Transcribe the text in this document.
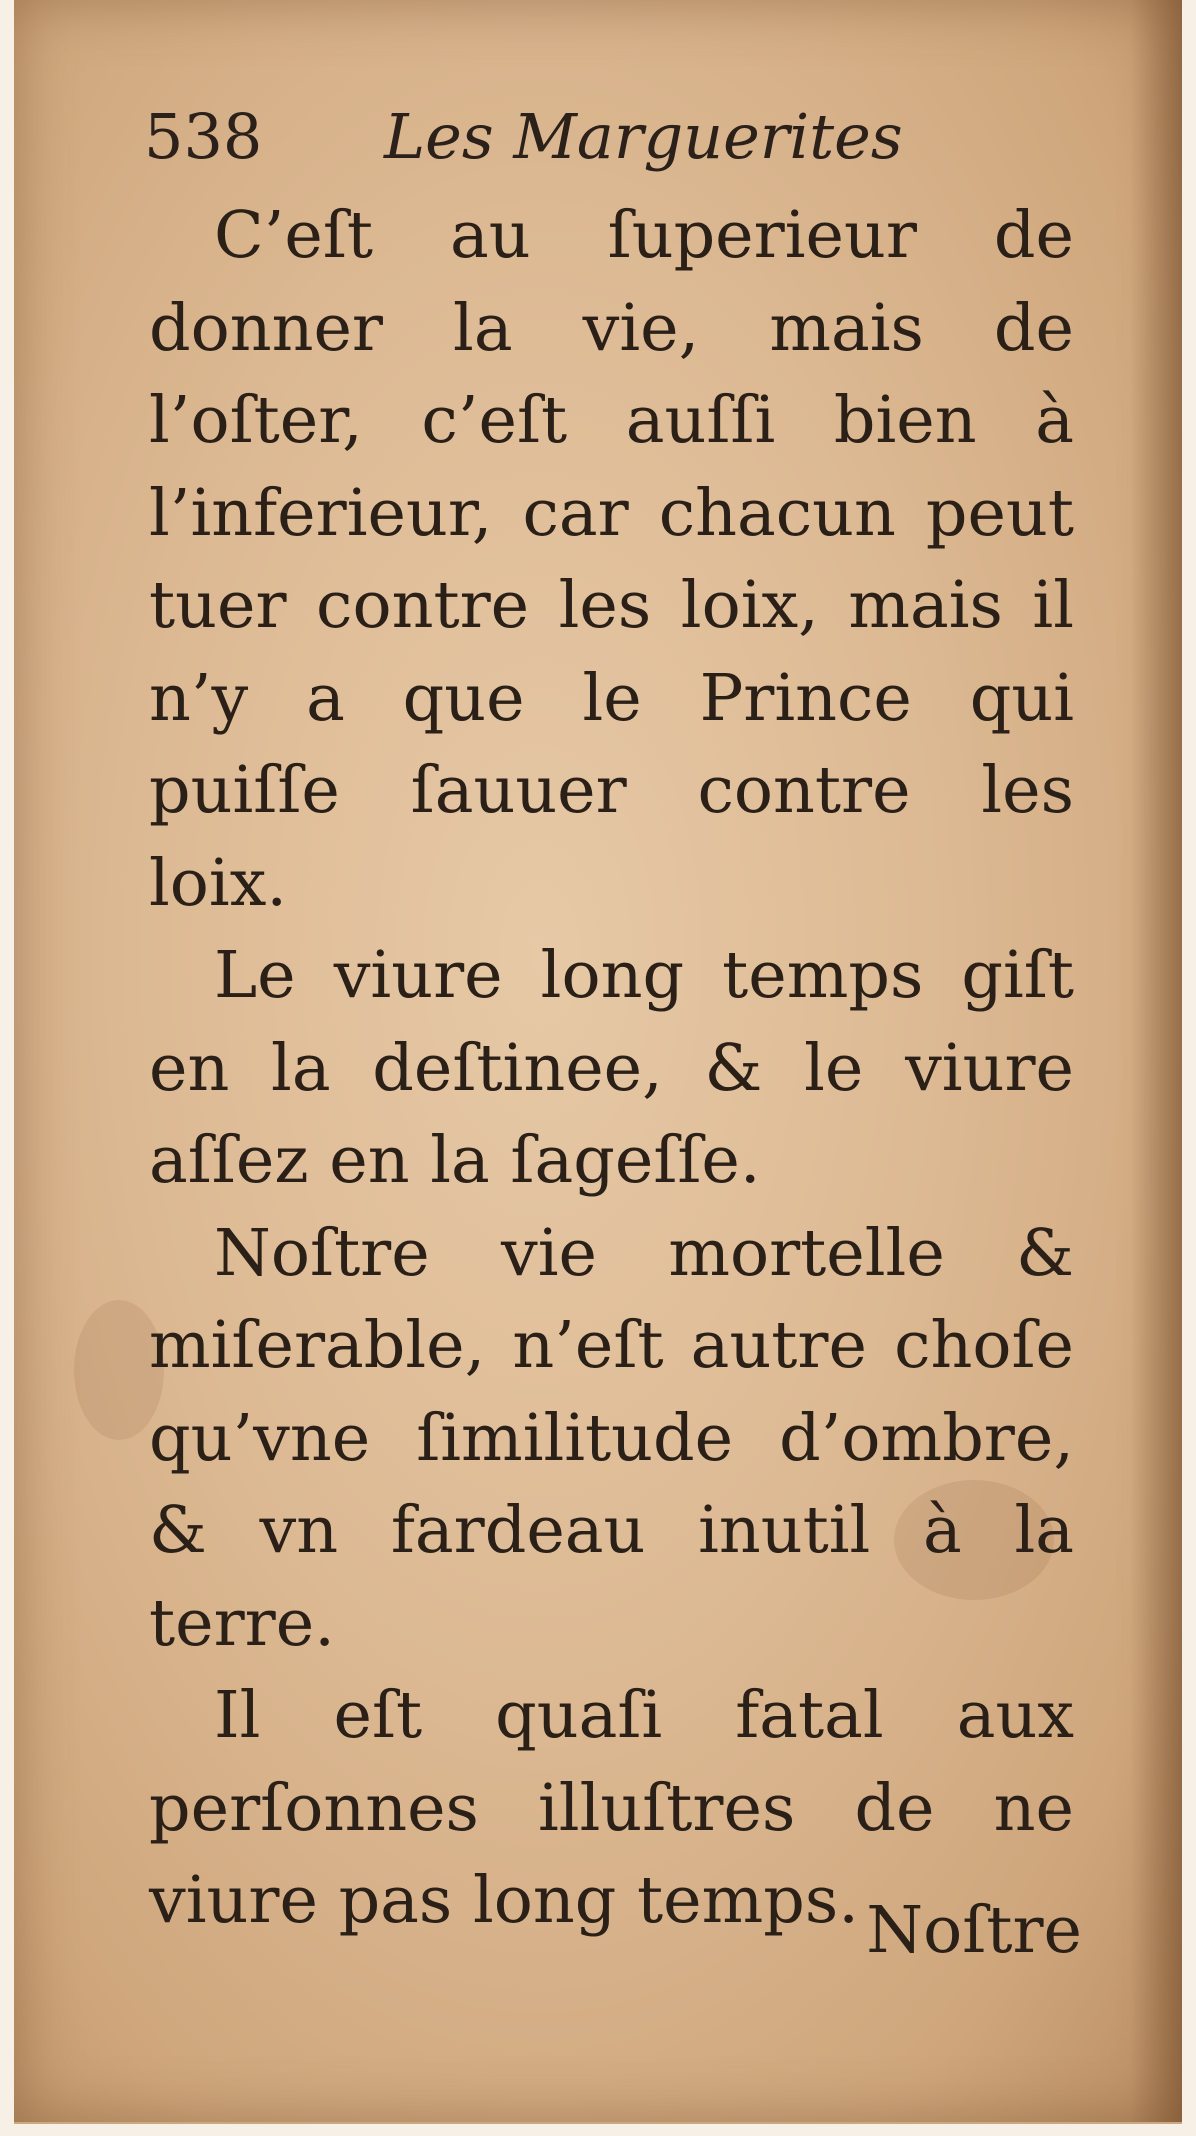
538 Les Marguerites

C’eſt au ſuperieur de donner la vie, mais de l’oſter, c’eſt auſſi bien à l’inferieur, car chacun peut tuer contre les loix, mais il n’y a que le Prince qui puiſſe ſauuer contre les loix.

Le viure long temps giſt en la deſtinee, & le viure aſſez en la ſageſſe.

Noſtre vie mortelle & miſerable, n’eſt autre choſe qu’vne ſimilitude d’ombre, & vn fardeau inutil à la terre.

Il eſt quaſi fatal aux perſonnes illuſtres de ne viure pas long temps. Noſtre
